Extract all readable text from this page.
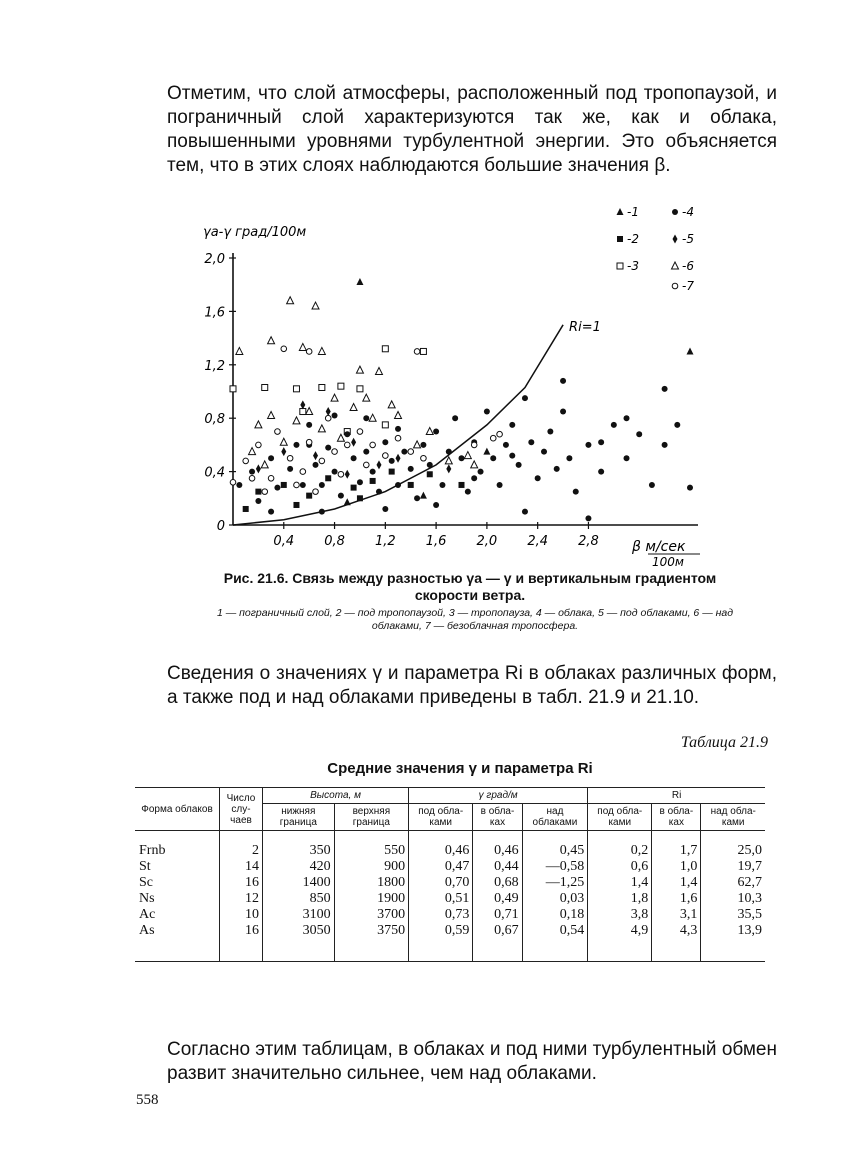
Отметим, что слой атмосферы, расположенный под тропопаузой, и пограничный слой характеризуются так же, как и облака, повышенными уровнями турбулентной энергии. Это объясняется тем, что в этих слоях наблюдаются большие значения β.

0
0,4
0,8
1,2
1,6
2,0
0,4 0,8 1,2 1,6 2,0 2,4 2,8
γa-γ град/100м
β м/сек
100м
Ri=1
-1	-4
-2	-5
-3	-6
-7

Рис. 21.6. Связь между разностью γa — γ и вертикальным градиентом скорости ветра.

1 — пограничный слой, 2 — под тропопаузой, 3 — тропопауза, 4 — облака, 5 — под облаками, 6 — над облаками, 7 — безоблачная тропосфера.

Сведения о значениях γ и параметра Ri в облаках различных форм, а также под и над облаками приведены в табл. 21.9 и 21.10.

Таблица 21.9
Средние значения γ и параметра Ri
Форма облаков	Число слу-чаев	Высота, м		γ град/м			Ri		
		нижняя граница	верхняя граница	под обла-ками	в обла-ках	над облаками	под обла-ками	в обла-ках	над обла-ками
Frnb	2	350	550	0,46	0,46	0,45	0,2	1,7	25,0
St	14	420	900	0,47	0,44	—0,58	0,6	1,0	19,7
Sc	16	1400	1800	0,70	0,68	—1,25	1,4	1,4	62,7
Ns	12	850	1900	0,51	0,49	0,03	1,8	1,6	10,3
Ac	10	3100	3700	0,73	0,71	0,18	3,8	3,1	35,5
As	16	3050	3750	0,59	0,67	0,54	4,9	4,3	13,9

Согласно этим таблицам, в облаках и под ними турбулентный обмен развит значительно сильнее, чем над облаками.

558
